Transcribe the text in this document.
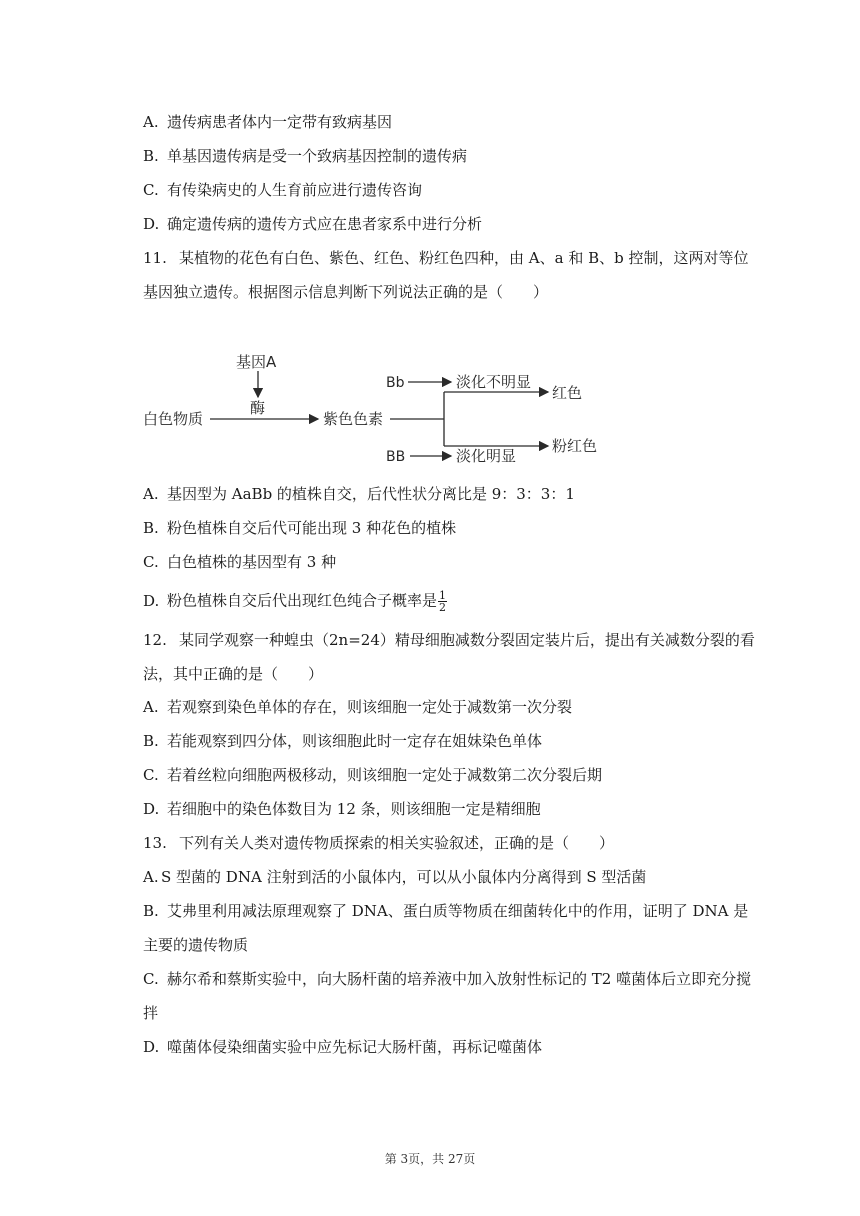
A. 遗传病患者体内一定带有致病基因
B. 单基因遗传病是受一个致病基因控制的遗传病
C. 有传染病史的人生育前应进行遗传咨询
D. 确定遗传病的遗传方式应在患者家系中进行分析
11. 某植物的花色有白色、紫色、红色、粉红色四种，由 A、a 和 B、b 控制，这两对等位
基因独立遗传。根据图示信息判断下列说法正确的是（　　）
基因A
酶
白色物质	紫色色素
Bb	淡化不明显
红色
BB	淡化明显
粉红色
A. 基因型为 AaBb 的植株自交，后代性状分离比是 9：3：3：1
B. 粉色植株自交后代可能出现 3 种花色的植株
C. 白色植株的基因型有 3 种
D. 粉色植株自交后代出现红色纯合子概率是 $\frac{1}{2}$
12. 某同学观察一种蝗虫（2n=24）精母细胞减数分裂固定装片后，提出有关减数分裂的看
法，其中正确的是（　　）
A. 若观察到染色单体的存在，则该细胞一定处于减数第一次分裂
B. 若能观察到四分体，则该细胞此时一定存在姐妹染色单体
C. 若着丝粒向细胞两极移动，则该细胞一定处于减数第二次分裂后期
D. 若细胞中的染色体数目为 12 条，则该细胞一定是精细胞
13. 下列有关人类对遗传物质探索的相关实验叙述，正确的是（　　）
A. S 型菌的 DNA 注射到活的小鼠体内，可以从小鼠体内分离得到 S 型活菌
B. 艾弗里利用减法原理观察了 DNA、蛋白质等物质在细菌转化中的作用，证明了 DNA 是
主要的遗传物质
C. 赫尔希和蔡斯实验中，向大肠杆菌的培养液中加入放射性标记的 T2 噬菌体后立即充分搅
拌
D. 噬菌体侵染细菌实验中应先标记大肠杆菌，再标记噬菌体
第 3页，共 27页
